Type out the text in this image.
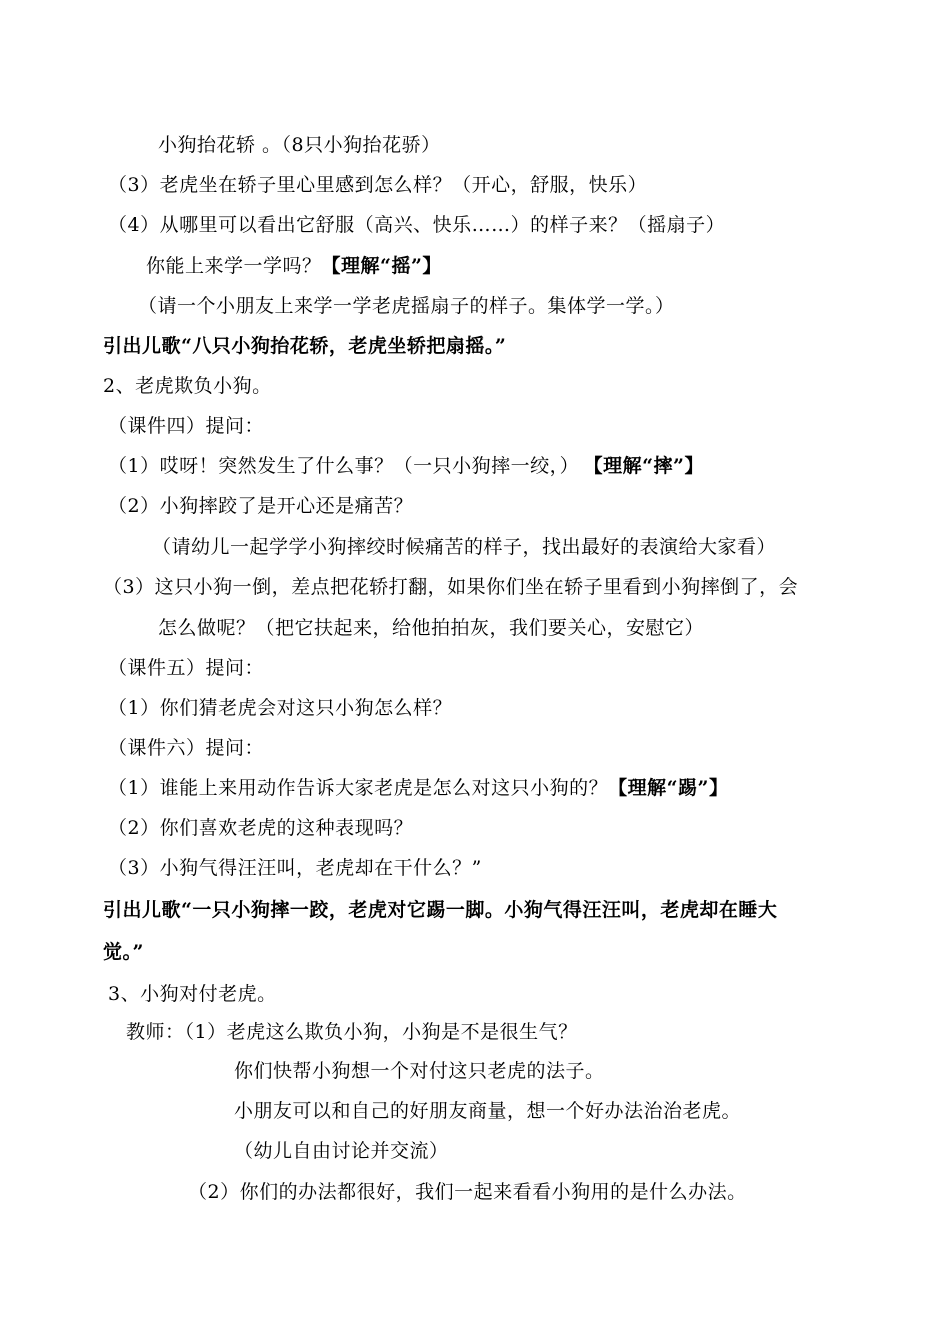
小狗抬花轿 。（8只小狗抬花骄）
（3）老虎坐在轿子里心里感到怎么样？（开心，舒服，快乐）
（4）从哪里可以看出它舒服（高兴、快乐……）的样子来？（摇扇子）
你能上来学一学吗？【理解“摇”】
（请一个小朋友上来学一学老虎摇扇子的样子。集体学一学。）
引出儿歌“八只小狗抬花轿，老虎坐轿把扇摇。”
2、老虎欺负小狗。
（课件四）提问：
（1）哎呀！突然发生了什么事？（一只小狗摔一绞，） 【理解“摔”】
（2）小狗摔跤了是开心还是痛苦？
（请幼儿一起学学小狗摔绞时候痛苦的样子，找出最好的表演给大家看）
（3）这只小狗一倒，差点把花轿打翻，如果你们坐在轿子里看到小狗摔倒了，会
怎么做呢？（把它扶起来，给他拍拍灰，我们要关心，安慰它）
（课件五）提问：
（1）你们猜老虎会对这只小狗怎么样？
（课件六）提问：
（1）谁能上来用动作告诉大家老虎是怎么对这只小狗的？【理解“踢”】
（2）你们喜欢老虎的这种表现吗？
（3）小狗气得汪汪叫，老虎却在干什么？”
引出儿歌“一只小狗摔一跤，老虎对它踢一脚。小狗气得汪汪叫，老虎却在睡大
觉。”
3、小狗对付老虎。
教师：（1）老虎这么欺负小狗，小狗是不是很生气？
你们快帮小狗想一个对付这只老虎的法子。
小朋友可以和自己的好朋友商量，想一个好办法治治老虎。
（幼儿自由讨论并交流）
（2）你们的办法都很好，我们一起来看看小狗用的是什么办法。
